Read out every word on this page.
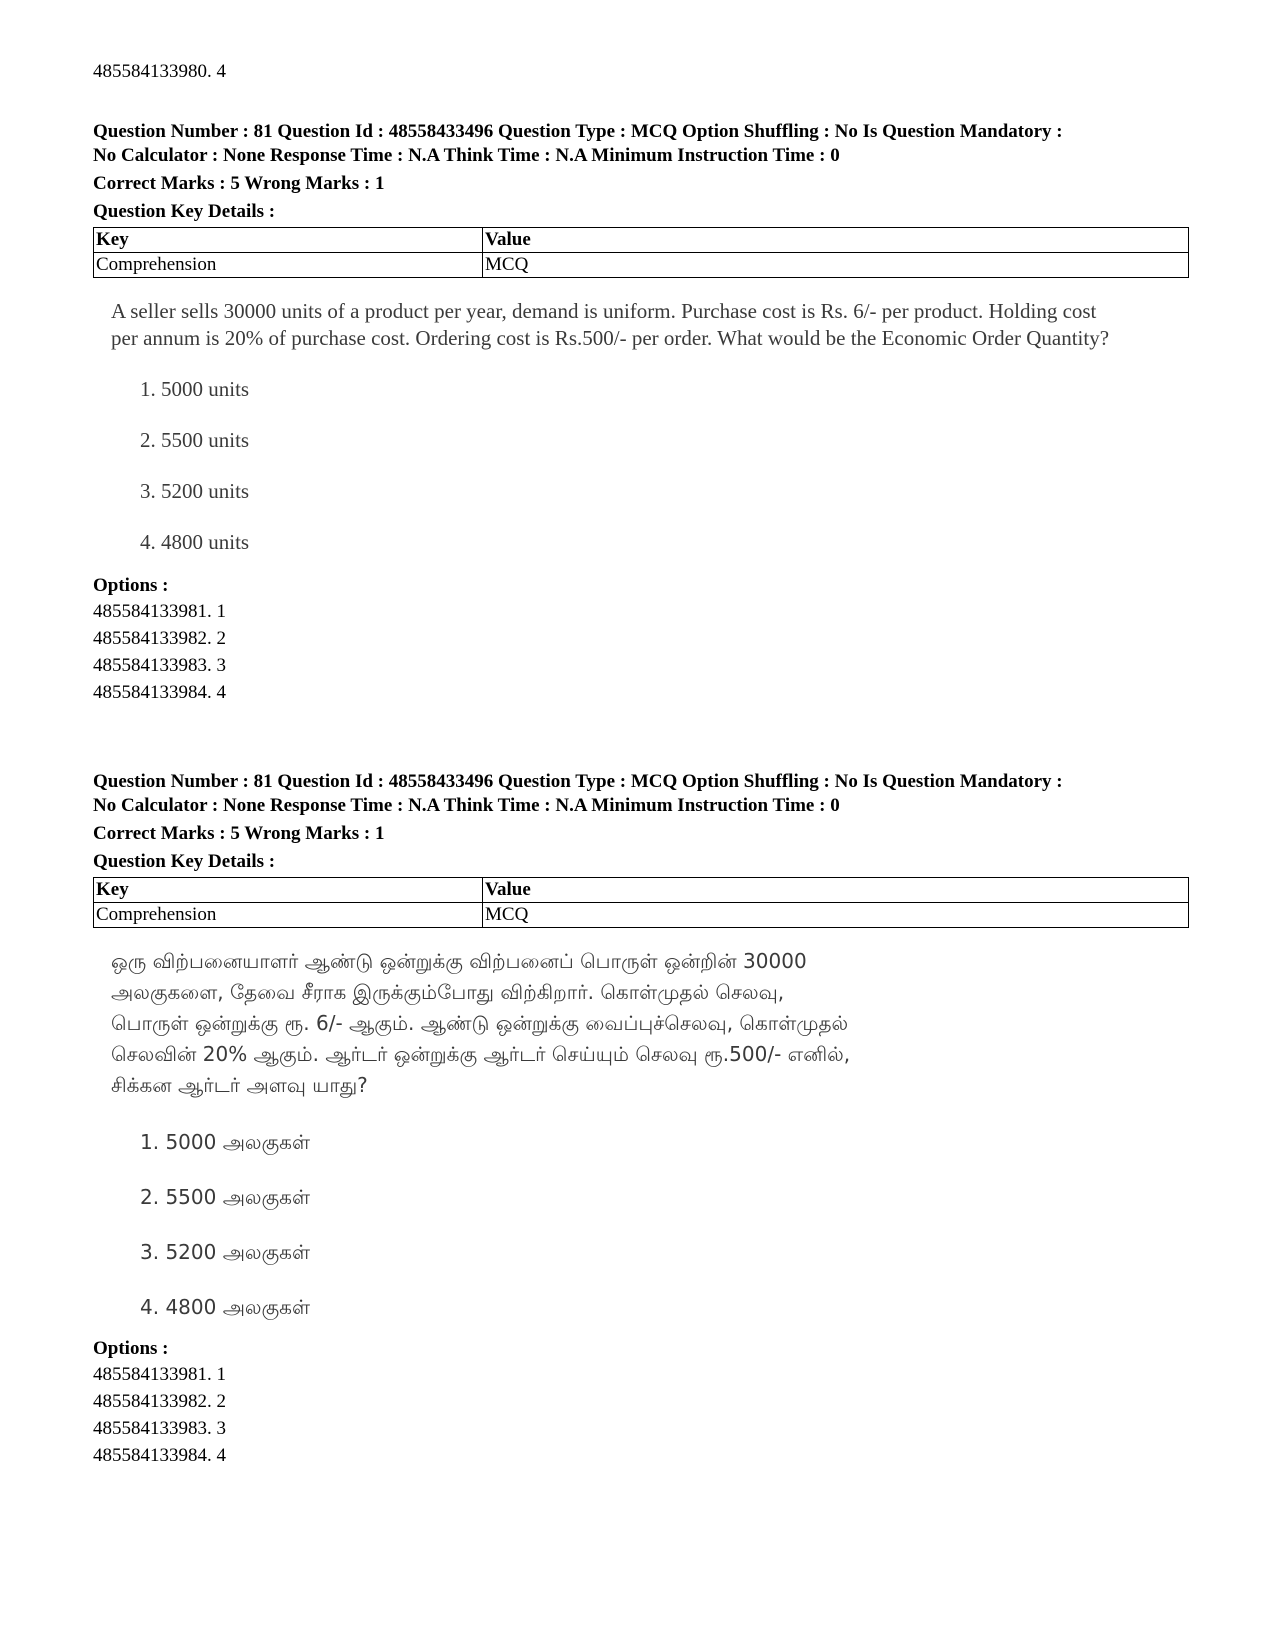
485584133980. 4
Question Number : 81 Question Id : 48558433496 Question Type : MCQ Option Shuffling : No Is Question Mandatory :
No Calculator : None Response Time : N.A Think Time : N.A Minimum Instruction Time : 0
Correct Marks : 5 Wrong Marks : 1
Question Key Details :
Key	Value
Comprehension	MCQ
A seller sells 30000 units of a product per year, demand is uniform. Purchase cost is Rs. 6/- per product. Holding cost per annum is 20% of purchase cost. Ordering cost is Rs.500/- per order. What would be the Economic Order Quantity?
1. 5000 units
2. 5500 units
3. 5200 units
4. 4800 units
Options :
485584133981. 1
485584133982. 2
485584133983. 3
485584133984. 4
Question Number : 81 Question Id : 48558433496 Question Type : MCQ Option Shuffling : No Is Question Mandatory :
No Calculator : None Response Time : N.A Think Time : N.A Minimum Instruction Time : 0
Correct Marks : 5 Wrong Marks : 1
Question Key Details :
Key	Value
Comprehension	MCQ
ஒரு விற்பனையாளர் ஆண்டு ஒன்றுக்கு விற்பனைப் பொருள் ஒன்றின் 30000
அலகுகளை, தேவை சீராக இருக்கும்போது விற்கிறார். கொள்முதல் செலவு,
பொருள் ஒன்றுக்கு ரூ. 6/- ஆகும். ஆண்டு ஒன்றுக்கு வைப்புச்செலவு, கொள்முதல்
செலவின் 20% ஆகும். ஆர்டர் ஒன்றுக்கு ஆர்டர் செய்யும் செலவு ரூ.500/- எனில்,
சிக்கன ஆர்டர் அளவு யாது?
1. 5000 அலகுகள்
2. 5500 அலகுகள்
3. 5200 அலகுகள்
4. 4800 அலகுகள்
Options :
485584133981. 1
485584133982. 2
485584133983. 3
485584133984. 4
